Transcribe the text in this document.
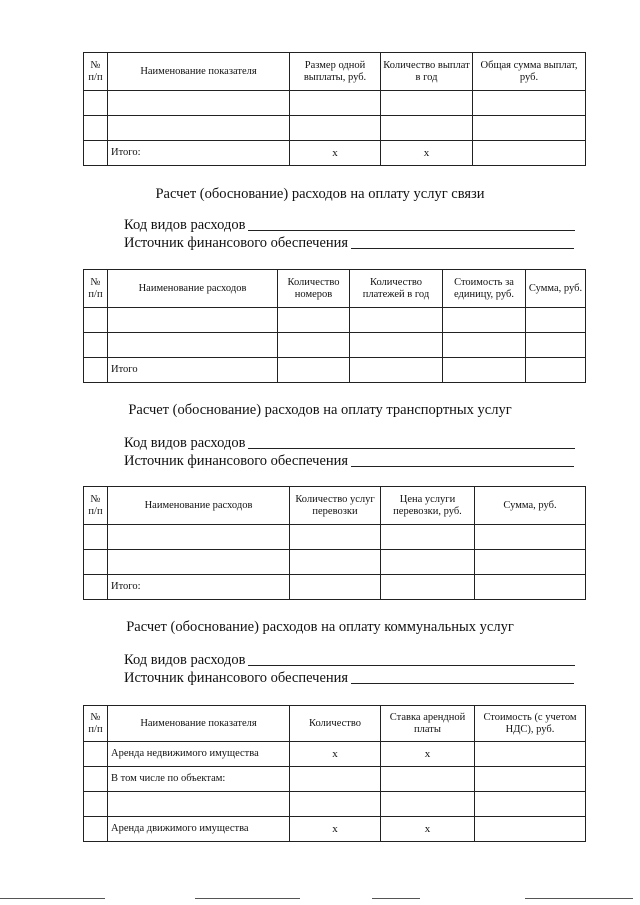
№ п/п	Наименование показателя	Размер одной выплаты, руб.	Количество выплат в год	Общая сумма выплат, руб.

	Итого:	x	x	
Расчет (обоснование) расходов на оплату услуг связи
Код видов расходов
Источник финансового обеспечения
№ п/п	Наименование расходов	Количество номеров	Количество платежей в год	Стоимость за единицу, руб.	Сумма, руб.

	Итого				
Расчет (обоснование) расходов на оплату транспортных услуг
Код видов расходов
Источник финансового обеспечения
№ п/п	Наименование расходов	Количество услуг перевозки	Цена услуги перевозки, руб.	Сумма, руб.

	Итого:			
Расчет (обоснование) расходов на оплату коммунальных услуг
Код видов расходов
Источник финансового обеспечения
№ п/п	Наименование показателя	Количество	Ставка арендной платы	Стоимость (с учетом НДС), руб.
	Аренда недвижимого имущества	x	x	
	В том числе по объектам:			

	Аренда движимого имущества	x	x	
